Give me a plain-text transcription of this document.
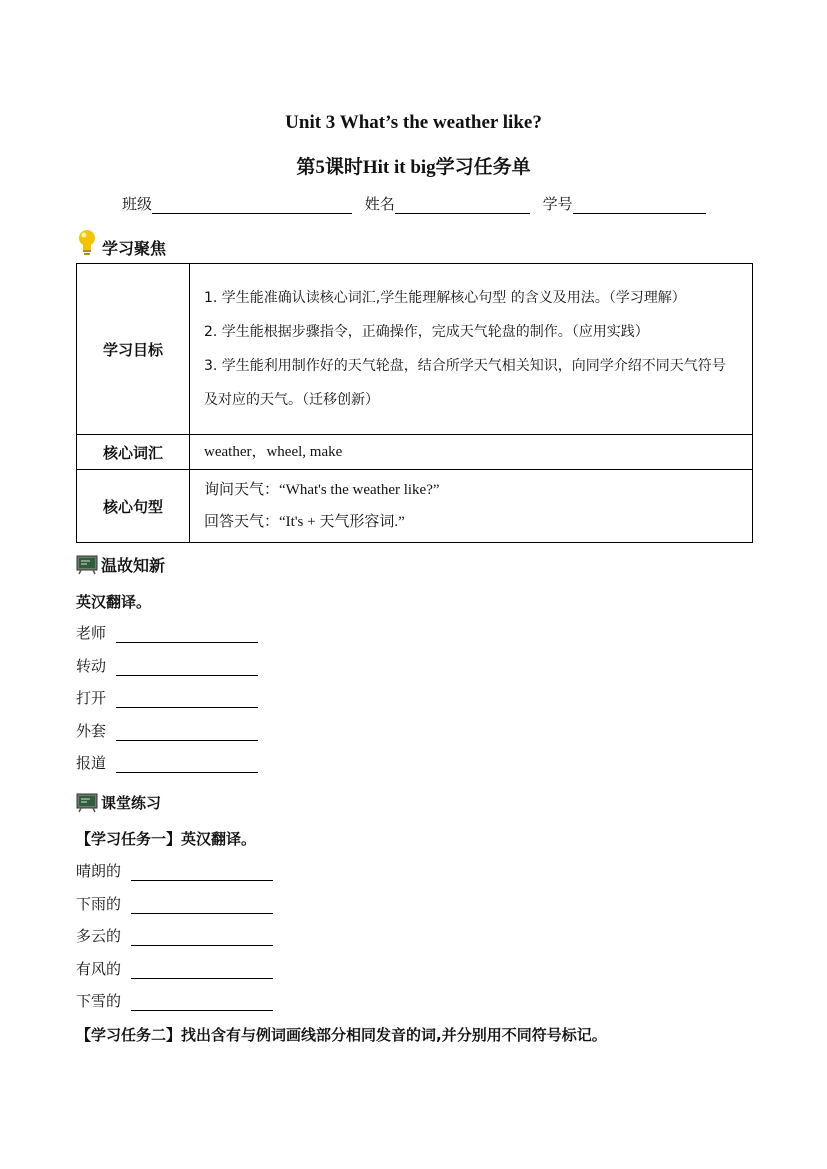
Unit 3 What’s the weather like?
第5课时Hit it big学习任务单
班级	姓名	学号
学习聚焦
学习目标	1. 学生能准确认读核心词汇,学生能理解核心句型 的含义及用法。（学习理解）
2. 学生能根据步骤指令，正确操作，完成天气轮盘的制作。（应用实践）
3. 学生能利用制作好的天气轮盘，结合所学天气相关知识，向同学介绍不同天气符号及对应的天气。（迁移创新）

核心词汇	weather，wheel, make
核心句型	询问天气：“What's the weather like?”
回答天气：“It's + 天气形容词.”
温故知新
英汉翻译。
老师
转动
打开
外套
报道
课堂练习
【学习任务一】英汉翻译。
晴朗的
下雨的
多云的
有风的
下雪的
【学习任务二】找出含有与例词画线部分相同发音的词,并分别用不同符号标记。
